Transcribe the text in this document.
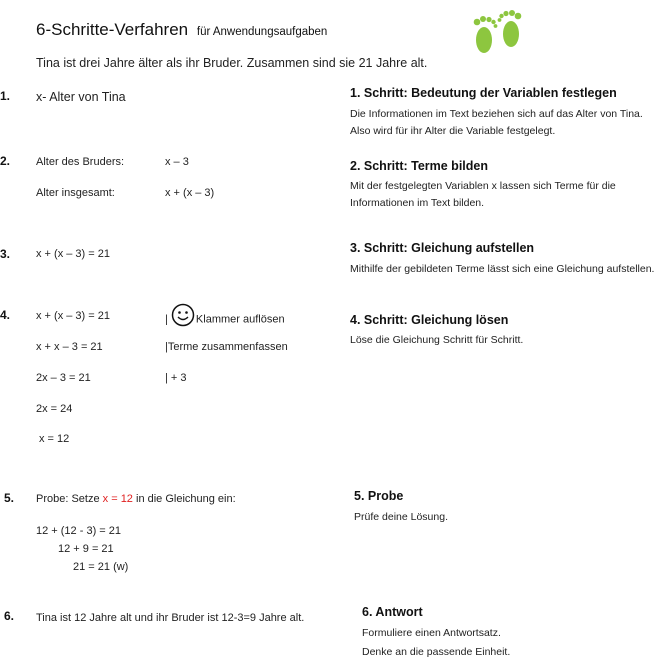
6-Schritte-Verfahren für Anwendungsaufgaben
Tina ist drei Jahre älter als ihr Bruder. Zusammen sind sie 21 Jahre alt.
1.
2.
3.
4.
5.
6.
x- Alter von Tina
Alter des Bruders:	x – 3
Alter insgesamt:	x + (x – 3)
x + (x – 3) = 21
x + (x – 3) = 21	|	Klammer auflösen
x + x – 3 = 21	|Terme zusammenfassen
2x – 3 = 21	| + 3
2x = 24
x = 12
Probe: Setze x = 12 in die Gleichung ein:
12 + (12 - 3) = 21
12 + 9 = 21
21 = 21 (w)
Tina ist 12 Jahre alt und ihr Bruder ist 12-3=9 Jahre alt.
1. Schritt: Bedeutung der Variablen festlegen
Die Informationen im Text beziehen sich auf das Alter von Tina. Also wird für ihr Alter die Variable festgelegt.
2. Schritt: Terme bilden
Mit der festgelegten Variablen x lassen sich Terme für die Informationen im Text bilden.
3. Schritt: Gleichung aufstellen
Mithilfe der gebildeten Terme lässt sich eine Gleichung aufstellen.
4. Schritt: Gleichung lösen
Löse die Gleichung Schritt für Schritt.
5. Probe
Prüfe deine Lösung.
6. Antwort
Formuliere einen Antwortsatz.
Denke an die passende Einheit.
